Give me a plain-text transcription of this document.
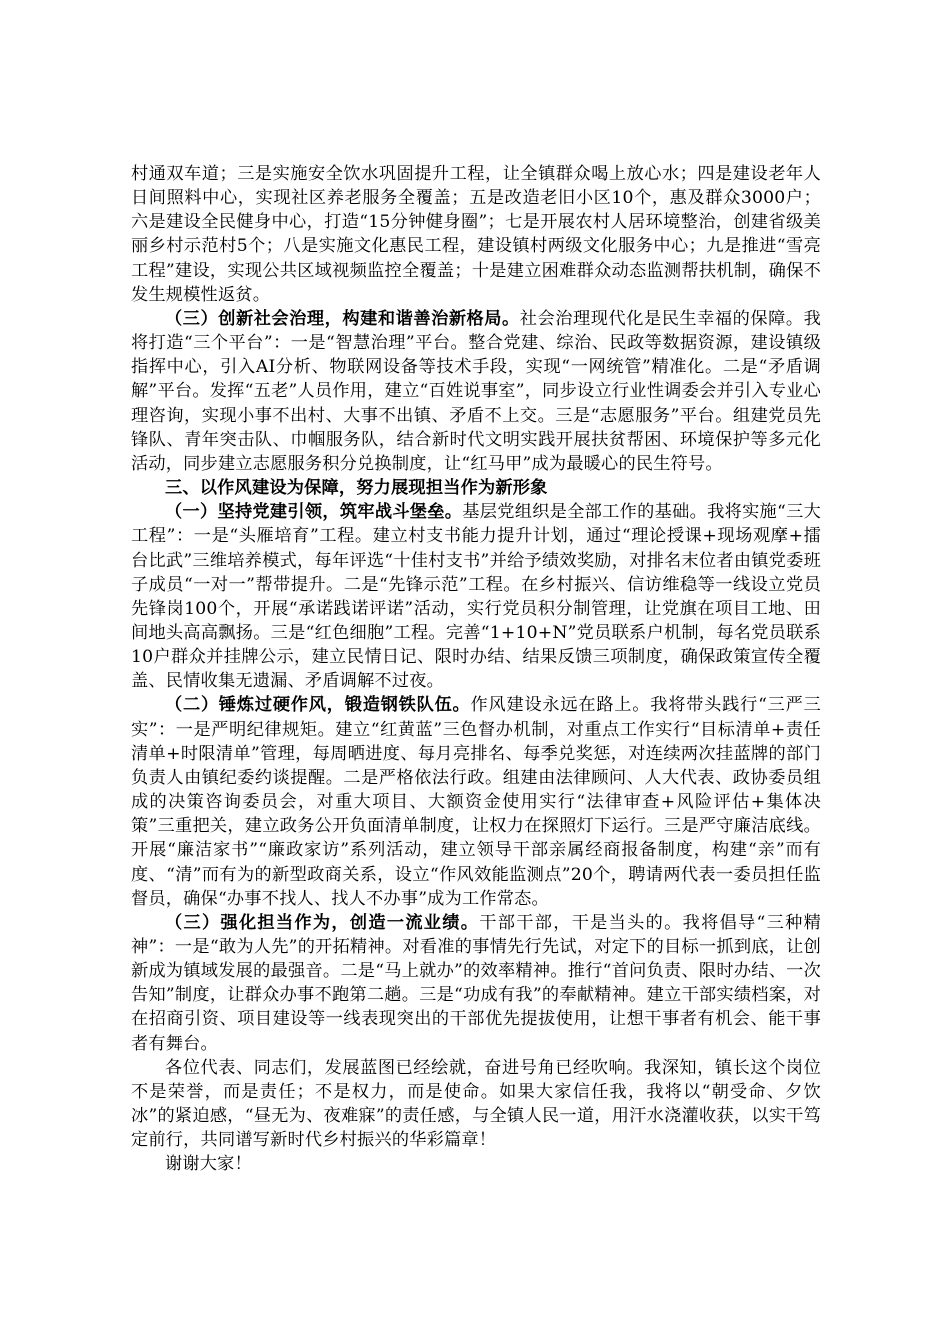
村通双车道；三是实施安全饮水巩固提升工程，让全镇群众喝上放心水；四是建设老年人日间照料中心，实现社区养老服务全覆盖；五是改造老旧小区10个，惠及群众3000户；六是建设全民健身中心，打造“15分钟健身圈”；七是开展农村人居环境整治，创建省级美丽乡村示范村5个；八是实施文化惠民工程，建设镇村两级文化服务中心；九是推进“雪亮工程”建设，实现公共区域视频监控全覆盖；十是建立困难群众动态监测帮扶机制，确保不发生规模性返贫。

（三）创新社会治理，构建和谐善治新格局。社会治理现代化是民生幸福的保障。我将打造“三个平台”：一是“智慧治理”平台。整合党建、综治、民政等数据资源，建设镇级指挥中心，引入AI分析、物联网设备等技术手段，实现“一网统管”精准化。二是“矛盾调解”平台。发挥“五老”人员作用，建立“百姓说事室”，同步设立行业性调委会并引入专业心理咨询，实现小事不出村、大事不出镇、矛盾不上交。三是“志愿服务”平台。组建党员先锋队、青年突击队、巾帼服务队，结合新时代文明实践开展扶贫帮困、环境保护等多元化活动，同步建立志愿服务积分兑换制度，让“红马甲”成为最暖心的民生符号。

三、以作风建设为保障，努力展现担当作为新形象

（一）坚持党建引领，筑牢战斗堡垒。基层党组织是全部工作的基础。我将实施“三大工程”：一是“头雁培育”工程。建立村支书能力提升计划，通过“理论授课+现场观摩+擂台比武”三维培养模式，每年评选“十佳村支书”并给予绩效奖励，对排名末位者由镇党委班子成员“一对一”帮带提升。二是“先锋示范”工程。在乡村振兴、信访维稳等一线设立党员先锋岗100个，开展“承诺践诺评诺”活动，实行党员积分制管理，让党旗在项目工地、田间地头高高飘扬。三是“红色细胞”工程。完善“1+10+N”党员联系户机制，每名党员联系10户群众并挂牌公示，建立民情日记、限时办结、结果反馈三项制度，确保政策宣传全覆盖、民情收集无遗漏、矛盾调解不过夜。

（二）锤炼过硬作风，锻造钢铁队伍。作风建设永远在路上。我将带头践行“三严三实”：一是严明纪律规矩。建立“红黄蓝”三色督办机制，对重点工作实行“目标清单+责任清单+时限清单”管理，每周晒进度、每月亮排名、每季兑奖惩，对连续两次挂蓝牌的部门负责人由镇纪委约谈提醒。二是严格依法行政。组建由法律顾问、人大代表、政协委员组成的决策咨询委员会，对重大项目、大额资金使用实行“法律审查+风险评估+集体决策”三重把关，建立政务公开负面清单制度，让权力在探照灯下运行。三是严守廉洁底线。开展“廉洁家书”“廉政家访”系列活动，建立领导干部亲属经商报备制度，构建“亲”而有度、“清”而有为的新型政商关系，设立“作风效能监测点”20个，聘请两代表一委员担任监督员，确保“办事不找人、找人不办事”成为工作常态。

（三）强化担当作为，创造一流业绩。干部干部，干是当头的。我将倡导“三种精神”：一是“敢为人先”的开拓精神。对看准的事情先行先试，对定下的目标一抓到底，让创新成为镇域发展的最强音。二是“马上就办”的效率精神。推行“首问负责、限时办结、一次告知”制度，让群众办事不跑第二趟。三是“功成有我”的奉献精神。建立干部实绩档案，对在招商引资、项目建设等一线表现突出的干部优先提拔使用，让想干事者有机会、能干事者有舞台。

各位代表、同志们，发展蓝图已经绘就，奋进号角已经吹响。我深知，镇长这个岗位不是荣誉，而是责任；不是权力，而是使命。如果大家信任我，我将以“朝受命、夕饮冰”的紧迫感，“昼无为、夜难寐”的责任感，与全镇人民一道，用汗水浇灌收获，以实干笃定前行，共同谱写新时代乡村振兴的华彩篇章！

谢谢大家！
